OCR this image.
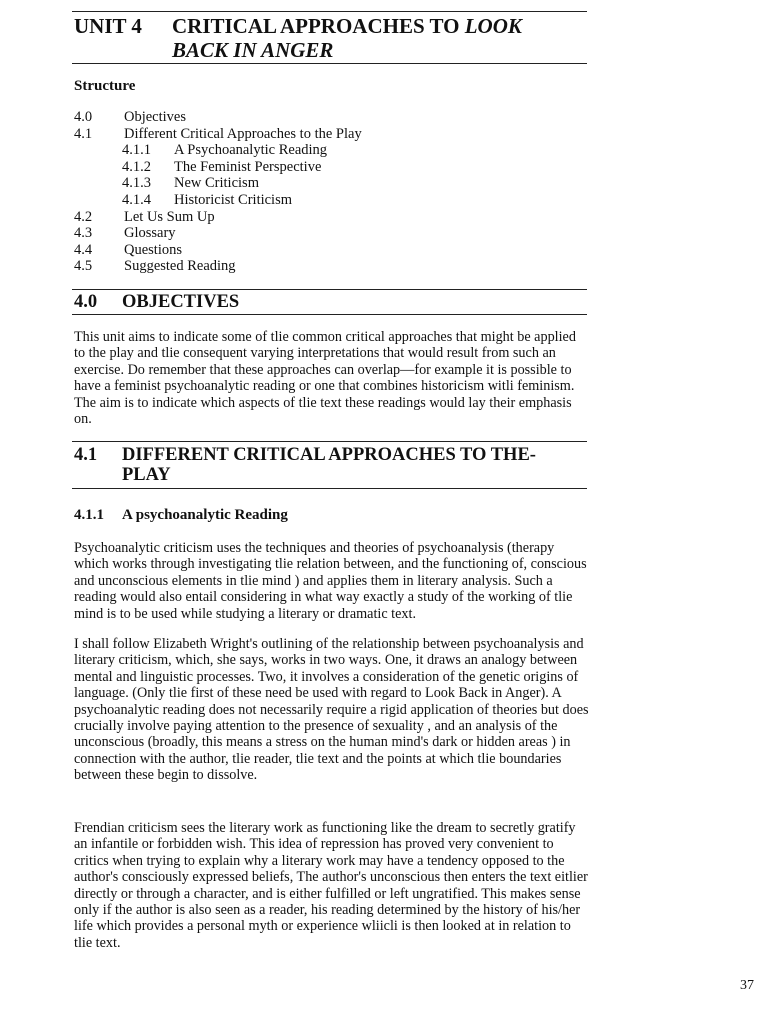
UNIT 4 CRITICAL APPROACHES TO LOOK
BACK IN ANGER
Structure
4.0 Objectives
4.1 Different Critical Approaches to the Play
4.1.1 A Psychoanalytic Reading
4.1.2 The Feminist Perspective
4.1.3 New Criticism
4.1.4 Historicist Criticism
4.2 Let Us Sum Up
4.3 Glossary
4.4 Questions
4.5 Suggested Reading
4.0 OBJECTIVES
This unit aims to indicate some of tlie common critical approaches that might be applied to the play and tlie consequent varying interpretations that would result from such an exercise. Do remember that these approaches can overlap—for example it is possible to have a feminist psychoanalytic reading or one that combines historicism witli feminism. The aim is to indicate which aspects of tlie text these readings would lay their emphasis on.
4.1 DIFFERENT CRITICAL APPROACHES TO THE-
PLAY
4.1.1 A psychoanalytic Reading
Psychoanalytic criticism uses the techniques and theories of psychoanalysis (therapy which works through investigating tlie relation between, and the functioning of, conscious and unconscious elements in tlie mind ) and applies them in literary analysis. Such a reading would also entail considering in what way exactly a study of the working of tlie mind is to be used while studying a literary or dramatic text.
I shall follow Elizabeth Wright's outlining of the relationship between psychoanalysis and literary criticism, which, she says, works in two ways. One, it draws an analogy between mental and linguistic processes. Two, it involves a consideration of the genetic origins of language. (Only tlie first of these need be used with regard to Look Back in Anger). A psychoanalytic reading does not necessarily require a rigid application of theories but does crucially involve paying attention to the presence of sexuality , and an analysis of the unconscious (broadly, this means a stress on the human mind's dark or hidden areas ) in connection with the author, tlie reader, tlie text and the points at which tlie boundaries between these begin to dissolve.
Frendian criticism sees the literary work as functioning like the dream to secretly gratify an infantile or forbidden wish. This idea of repression has proved very convenient to critics when trying to explain why a literary work may have a tendency opposed to the author's consciously expressed beliefs, The author's unconscious then enters the text eitlier directly or through a character, and is either fulfilled or left ungratified. This makes sense only if the author is also seen as a reader, his reading determined by the history of his/her life which provides a personal myth or experience wliicli is then looked at in relation to tlie text.
37
